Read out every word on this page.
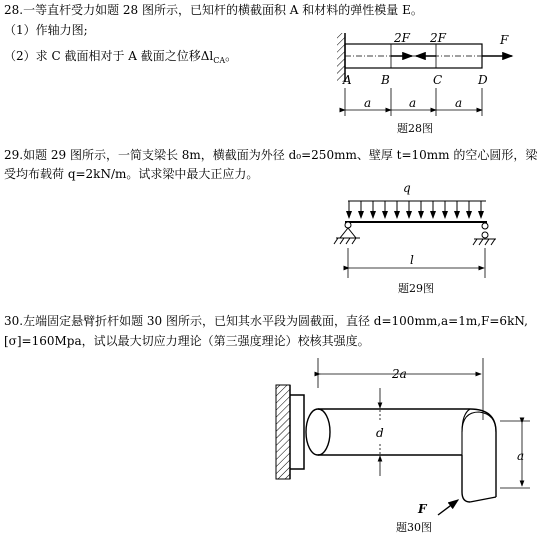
28.一等直杆受力如题 28 图所示，已知杆的横截面积 A 和材料的弹性模量 E。
（1）作轴力图;
（2）求 C 截面相对于 A 截面之位移$\Delta l_{CA}$。
29.如题 29 图所示，一简支梁长 8m，横截面为外径 d₀=250mm、壁厚 t=10mm 的空心圆形，梁
受均布载荷 q=2kN/m。试求梁中最大正应力。
30.左端固定悬臂折杆如题 30 图所示，已知其水平段为圆截面，直径 d=100mm,a=1m,F=6kN,
[σ]=160Mpa，试以最大切应力理论（第三强度理论）校核其强度。
2F 2F	F
A B	C	D
a	a	a
题28图
q
l
题29图
2a
d
a
F
题30图
